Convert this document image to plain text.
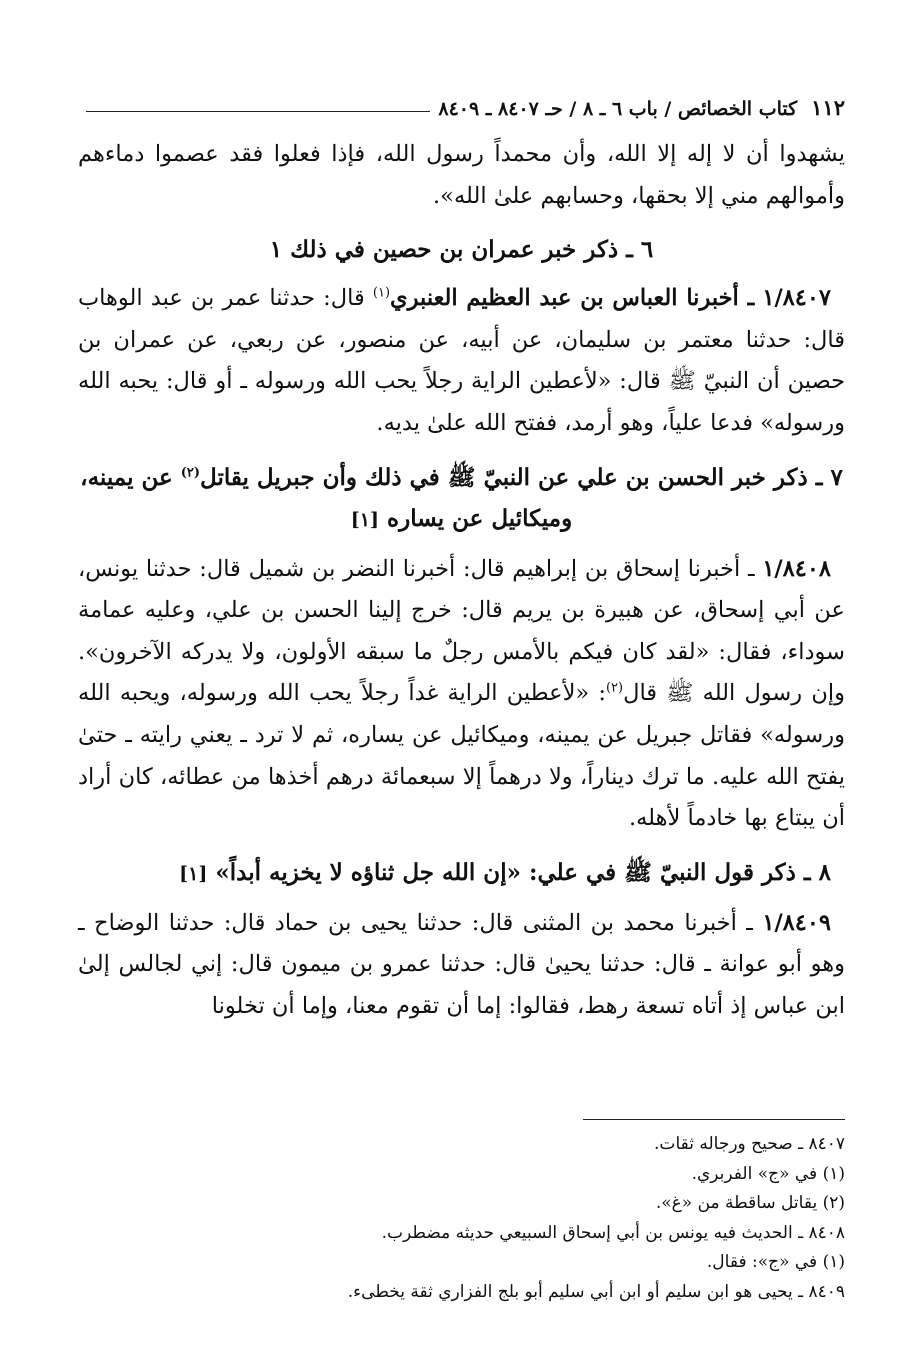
١١٢
كتاب الخصائص / باب ٦ ـ ٨ / حـ ٨٤٠٧ ـ ٨٤٠٩

يشهدوا أن لا إله إلا الله، وأن محمداً رسول الله، فإذا فعلوا فقد عصموا دماءهم وأموالهم مني إلا بحقها، وحسابهم علىٰ الله».

٦ ـ ذكر خبر عمران بن حصين في ذلك ١

١/٨٤٠٧ ـ أخبرنا العباس بن عبد العظيم العنبري$^{(١)}$ قال: حدثنا عمر بن عبد الوهاب قال: حدثنا معتمر بن سليمان، عن أبيه، عن منصور، عن ربعي، عن عمران بن حصين أن النبيّ ﷺ قال: «لأعطين الراية رجلاً يحب الله ورسوله ـ أو قال: يحبه الله ورسوله» فدعا علياً، وهو أرمد، ففتح الله علىٰ يديه.

٧ ـ ذكر خبر الحسن بن علي عن النبيّ ﷺ في ذلك وأن جبريل يقاتل$^{(٢)}$ عن يمينه، وميكائيل عن يساره [١]

١/٨٤٠٨ ـ أخبرنا إسحاق بن إبراهيم قال: أخبرنا النضر بن شميل قال: حدثنا يونس، عن أبي إسحاق، عن هبيرة بن يريم قال: خرج إلينا الحسن بن علي، وعليه عمامة سوداء، فقال: «لقد كان فيكم بالأمس رجلٌ ما سبقه الأولون، ولا يدركه الآخرون». وإن رسول الله ﷺ قال$^{(٢)}$: «لأعطين الراية غداً رجلاً يحب الله ورسوله، ويحبه الله ورسوله» فقاتل جبريل عن يمينه، وميكائيل عن يساره، ثم لا ترد ـ يعني رايته ـ حتىٰ يفتح الله عليه. ما ترك ديناراً، ولا درهماً إلا سبعمائة درهم أخذها من عطائه، كان أراد أن يبتاع بها خادماً لأهله.

٨ ـ ذكر قول النبيّ ﷺ في علي: «إن الله جل ثناؤه لا يخزيه أبداً» [١]

١/٨٤٠٩ ـ أخبرنا محمد بن المثنى قال: حدثنا يحيى بن حماد قال: حدثنا الوضاح ـ وهو أبو عوانة ـ قال: حدثنا يحيىٰ قال: حدثنا عمرو بن ميمون قال: إني لجالس إلىٰ ابن عباس إذ أتاه تسعة رهط، فقالوا: إما أن تقوم معنا، وإما أن تخلونا

٨٤٠٧ ـ صحيح ورجاله ثقات.

(١) في «ج» الفربري.

(٢) يقاتل ساقطة من «غ».

٨٤٠٨ ـ الحديث فيه يونس بن أبي إسحاق السبيعي حديثه مضطرب.

(١) في «ج»: فقال.

٨٤٠٩ ـ يحيى هو ابن سليم أو ابن أبي سليم أبو بلج الفزاري ثقة يخطىء.
